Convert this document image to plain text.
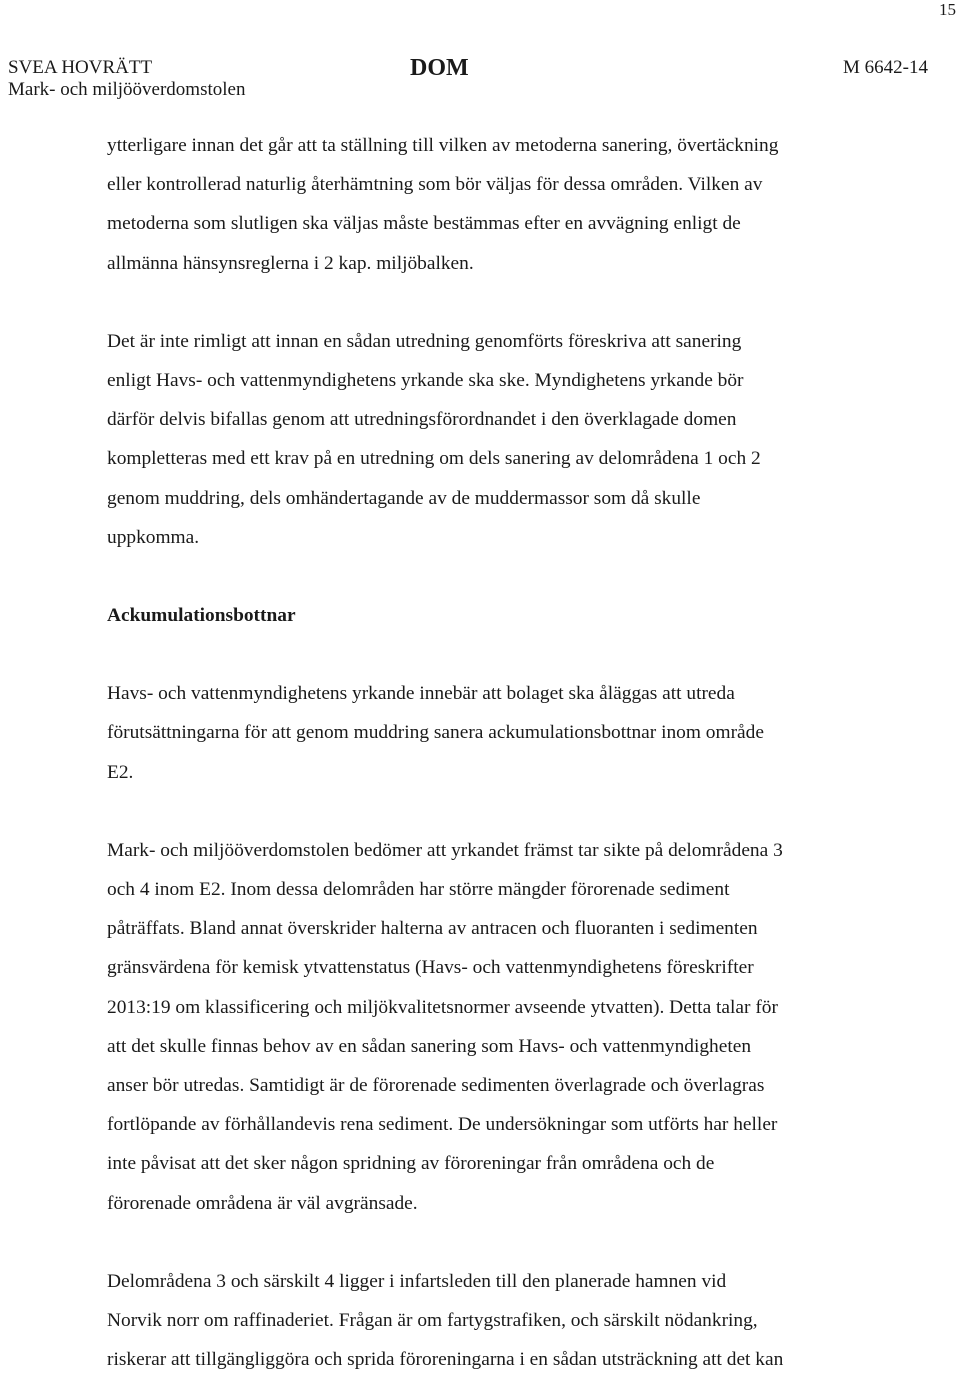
15
SVEA HOVRÄTT
Mark- och miljööverdomstolen
DOM	M 6642-14

ytterligare innan det går att ta ställning till vilken av metoderna sanering, övertäckning
eller kontrollerad naturlig återhämtning som bör väljas för dessa områden. Vilken av
metoderna som slutligen ska väljas måste bestämmas efter en avvägning enligt de
allmänna hänsynsreglerna i 2 kap. miljöbalken.

Det är inte rimligt att innan en sådan utredning genomförts föreskriva att sanering
enligt Havs- och vattenmyndighetens yrkande ska ske. Myndighetens yrkande bör
därför delvis bifallas genom att utredningsförordnandet i den överklagade domen
kompletteras med ett krav på en utredning om dels sanering av delområdena 1 och 2
genom muddring, dels omhändertagande av de muddermassor som då skulle
uppkomma.

Ackumulationsbottnar

Havs- och vattenmyndighetens yrkande innebär att bolaget ska åläggas att utreda
förutsättningarna för att genom muddring sanera ackumulationsbottnar inom område
E2.

Mark- och miljööverdomstolen bedömer att yrkandet främst tar sikte på delområdena 3
och 4 inom E2. Inom dessa delområden har större mängder förorenade sediment
påträffats. Bland annat överskrider halterna av antracen och fluoranten i sedimenten
gränsvärdena för kemisk ytvattenstatus (Havs- och vattenmyndighetens föreskrifter
2013:19 om klassificering och miljökvalitetsnormer avseende ytvatten). Detta talar för
att det skulle finnas behov av en sådan sanering som Havs- och vattenmyndigheten
anser bör utredas. Samtidigt är de förorenade sedimenten överlagrade och överlagras
fortlöpande av förhållandevis rena sediment. De undersökningar som utförts har heller
inte påvisat att det sker någon spridning av föroreningar från områdena och de
förorenade områdena är väl avgränsade.

Delområdena 3 och särskilt 4 ligger i infartsleden till den planerade hamnen vid
Norvik norr om raffinaderiet. Frågan är om fartygstrafiken, och särskilt nödankring,
riskerar att tillgängliggöra och sprida föroreningarna i en sådan utsträckning att det kan
